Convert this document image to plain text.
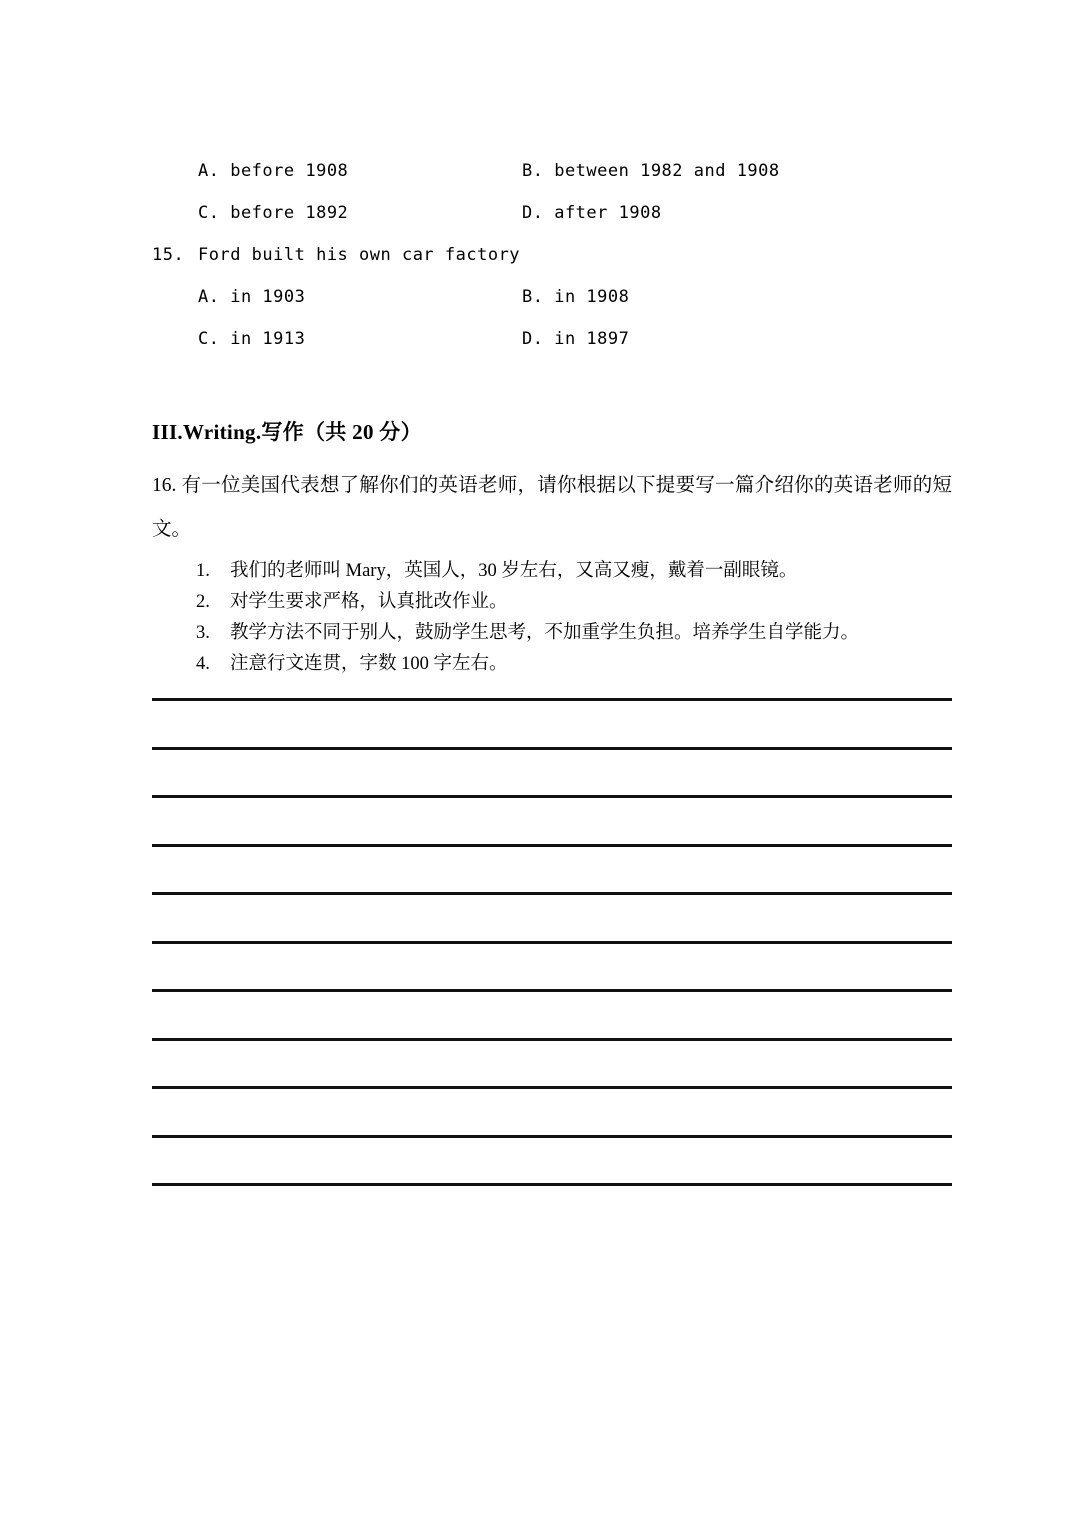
A. before 1908	B. between 1982 and 1908
C. before 1892	D. after 1908
15. Ford built his own car factory
A. in 1903	B. in 1908
C. in 1913	D. in 1897
III.Writing.写作（共 20 分）
16. 有一位美国代表想了解你们的英语老师，请你根据以下提要写一篇介绍你的英语老师的短文。
1.	我们的老师叫 Mary，英国人，30 岁左右，又高又瘦，戴着一副眼镜。
2.	对学生要求严格，认真批改作业。
3.	教学方法不同于别人，鼓励学生思考，不加重学生负担。培养学生自学能力。
4.	注意行文连贯，字数 100 字左右。
